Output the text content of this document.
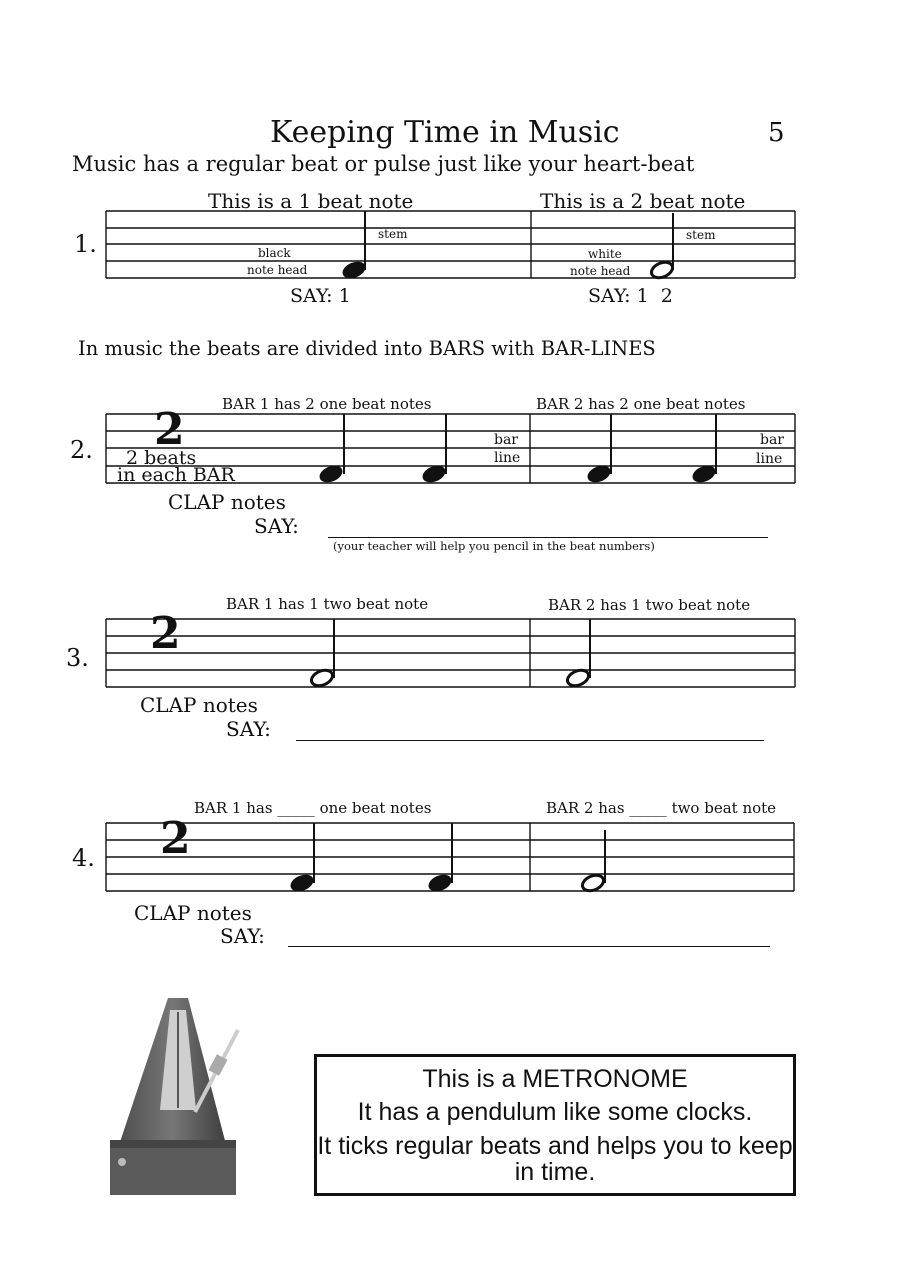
Keeping Time in Music	5
Music has a regular beat or pulse just like your heart-beat
1.
This is a 1 beat note	This is a 2 beat note
stem	stem
black
note head
white
note head
SAY: 1	SAY: 1  2
In music the beats are divided into BARS with BAR-LINES
2.
BAR 1 has 2 one beat notes	BAR 2 has 2 one beat notes
2
2 beats
in each BAR
bar
line
bar
line
CLAP notes
SAY:
(your teacher will help you pencil in the beat numbers)
3.
BAR 1 has 1 two beat note	BAR 2 has 1 two beat note
2
CLAP notes
SAY:
4.
BAR 1 has _____ one beat notes	BAR 2 has _____ two beat note
2
CLAP notes
SAY:
This is a METRONOME
It has a pendulum like some clocks.
It ticks regular beats and helps you to keep in time.
